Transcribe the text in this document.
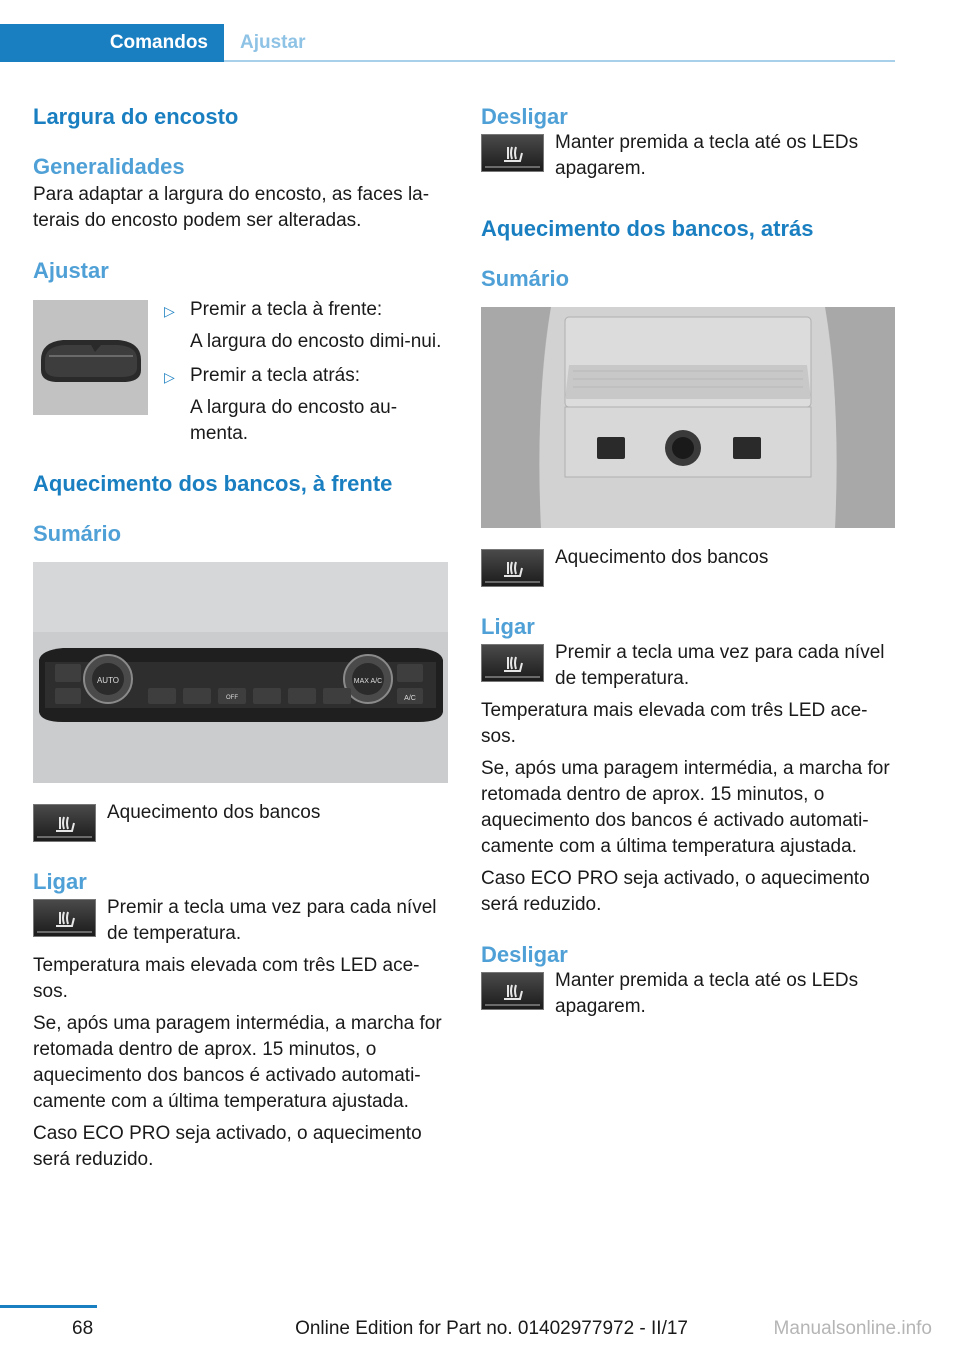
Comandos	Ajustar
Largura do encosto
Generalidades

Para adaptar a largura do encosto, as faces la‐terais do encosto podem ser alteradas.

Ajustar
▷ Premir a tecla à frente:

A largura do encosto dimi‐nui.

▷ Premir a tecla atrás:

A largura do encosto au‐menta.

Aquecimento dos bancos, à frente
Sumário
AUTO	MAX A/C
A/C
OFF

Aquecimento dos bancos

Ligar

Premir a tecla uma vez para cada nível de temperatura.

Temperatura mais elevada com três LED ace‐sos.

Se, após uma paragem intermédia, a marcha for retomada dentro de aprox. 15 minutos, o aquecimento dos bancos é activado automati‐camente com a última temperatura ajustada.

Caso ECO PRO seja activado, o aquecimento será reduzido.

Desligar

Manter premida a tecla até os LEDs apagarem.

Aquecimento dos bancos, atrás
Sumário

Aquecimento dos bancos

Ligar

Premir a tecla uma vez para cada nível de temperatura.

Temperatura mais elevada com três LED ace‐sos.

Se, após uma paragem intermédia, a marcha for retomada dentro de aprox. 15 minutos, o aquecimento dos bancos é activado automati‐camente com a última temperatura ajustada.

Caso ECO PRO seja activado, o aquecimento será reduzido.

Desligar

Manter premida a tecla até os LEDs apagarem.

68	Online Edition for Part no. 01402977972 - II/17	Manualsonline.info
